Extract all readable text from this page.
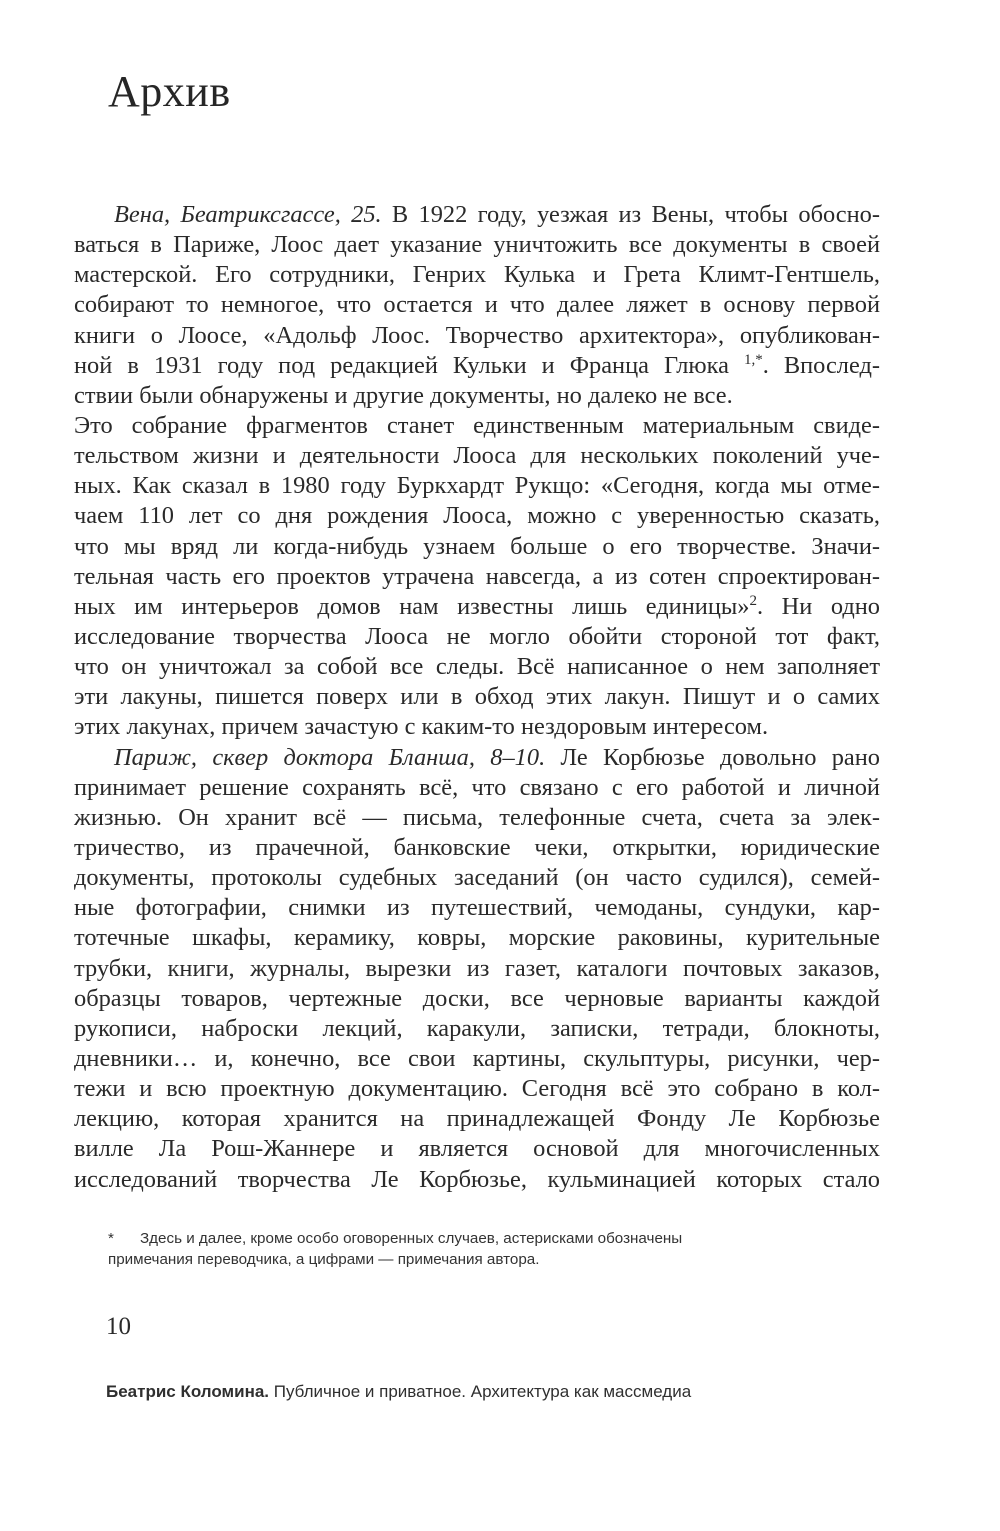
Архив
Вена, Беатриксгассе, 25. В 1922 году, уезжая из Вены, чтобы обосно-
ваться в Париже, Лоос дает указание уничтожить все документы в своей
мастерской. Его сотрудники, Генрих Кулька и Грета Климт-Гентшель,
собирают то немногое, что остается и что далее ляжет в основу первой
книги о Лоосе, «Адольф Лоос. Творчество архитектора», опубликован-
ной в 1931 году под редакцией Кульки и Франца Глюка $^{1,*}$. Впослед-
ствии были обнаружены и другие документы, но далеко не все.
Это собрание фрагментов станет единственным материальным свиде-
тельством жизни и деятельности Лооса для нескольких поколений уче-
ных. Как сказал в 1980 году Буркхардт Рукщо: «Сегодня, когда мы отме-
чаем 110 лет со дня рождения Лооса, можно с уверенностью сказать,
что мы вряд ли когда-нибудь узнаем больше о его творчестве. Значи-
тельная часть его проектов утрачена навсегда, а из сотен спроектирован-
ных им интерьеров домов нам известны лишь единицы»$^2$. Ни одно
исследование творчества Лооса не могло обойти стороной тот факт,
что он уничтожал за собой все следы. Всё написанное о нем заполняет
эти лакуны, пишется поверх или в обход этих лакун. Пишут и о самих
этих лакунах, причем зачастую с каким-то нездоровым интересом.
Париж, сквер доктора Бланша, 8–10. Ле Корбюзье довольно рано
принимает решение сохранять всё, что связано с его работой и личной
жизнью. Он хранит всё — письма, телефонные счета, счета за элек-
тричество, из прачечной, банковские чеки, открытки, юридические
документы, протоколы судебных заседаний (он часто судился), семей-
ные фотографии, снимки из путешествий, чемоданы, сундуки, кар-
тотечные шкафы, керамику, ковры, морские раковины, курительные
трубки, книги, журналы, вырезки из газет, каталоги почтовых заказов,
образцы товаров, чертежные доски, все черновые варианты каждой
рукописи, наброски лекций, каракули, записки, тетради, блокноты,
дневники… и, конечно, все свои картины, скульптуры, рисунки, чер-
тежи и всю проектную документацию. Сегодня всё это собрано в кол-
лекцию, которая хранится на принадлежащей Фонду Ле Корбюзье
вилле Ла Рош-Жаннере и является основой для многочисленных
исследований творчества Ле Корбюзье, кульминацией которых стало
* Здесь и далее, кроме особо оговоренных случаев, астерисками обозначены
примечания переводчика, а цифрами — примечания автора.
10
Беатрис Коломина. Публичное и приватное. Архитектура как массмедиа
